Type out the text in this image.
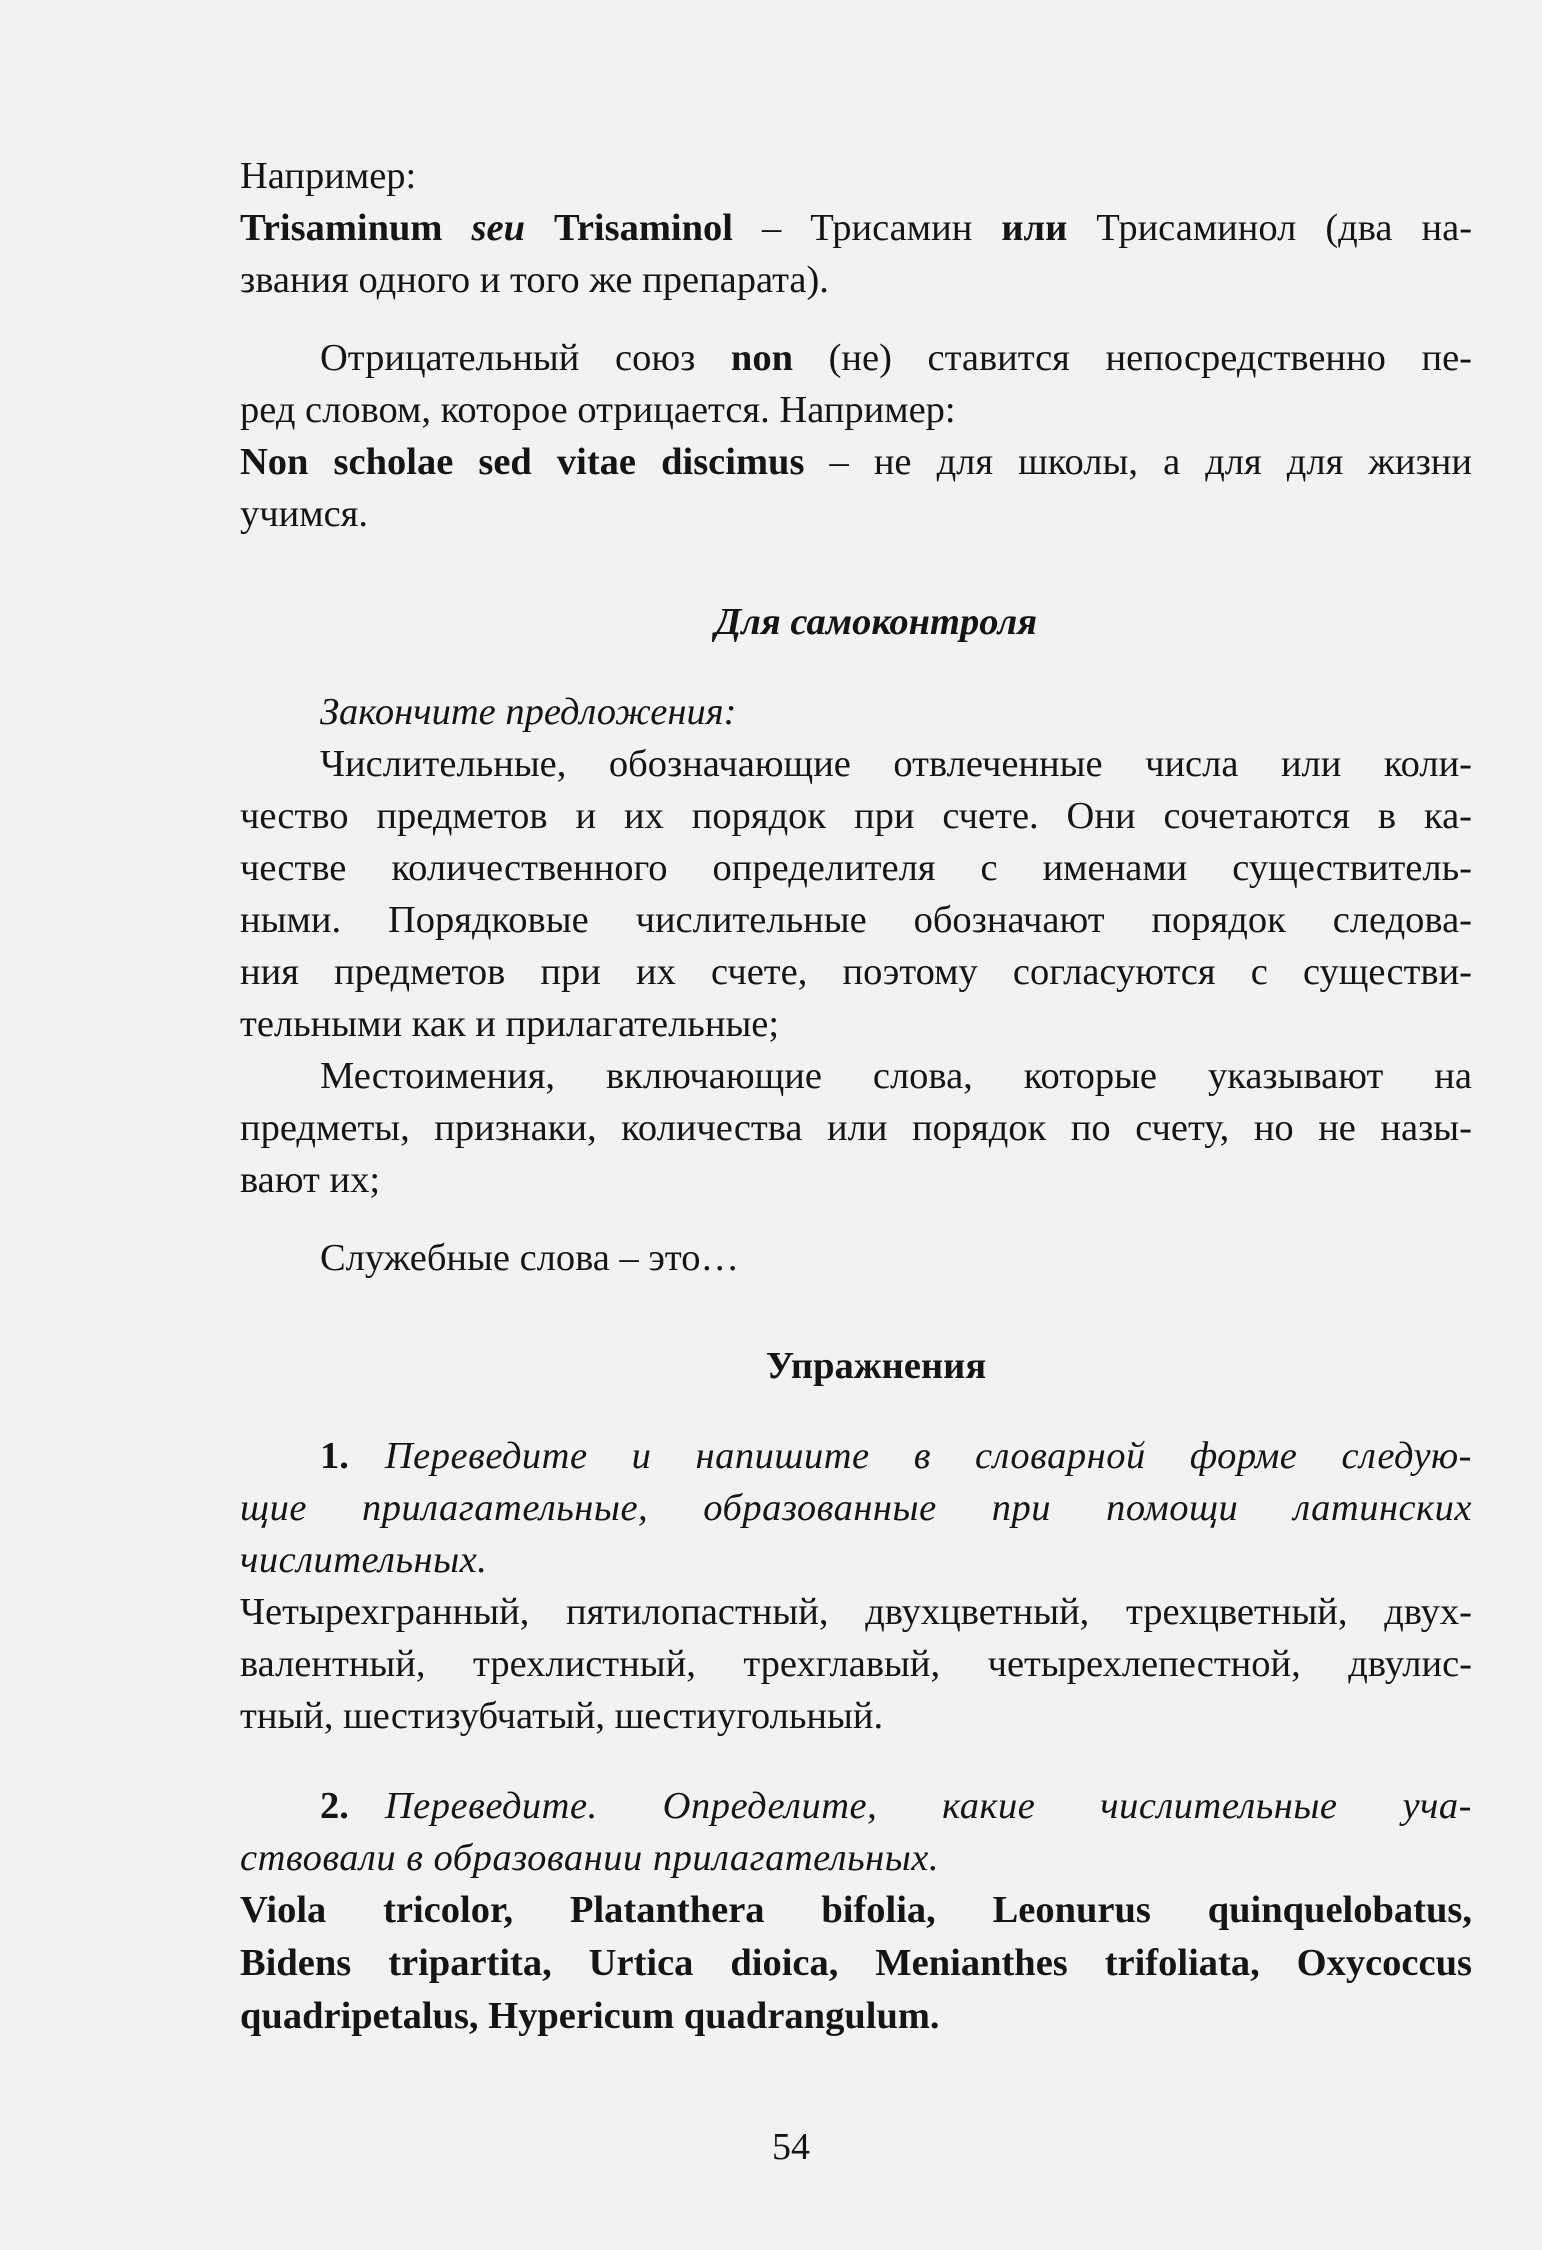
Например:

Trisaminum seu Trisaminol – Трисамин или Трисаминол (два на-

звания одного и того же препарата).

Отрицательный союз non (не) ставится непосредственно пе-

ред словом, которое отрицается. Например:

Non scholae sed vitae discimus – не для школы, а для для жизни

учимся.

Для самоконтроля

Закончите предложения:

Числительные, обозначающие отвлеченные числа или коли-

чество предметов и их порядок при счете. Они сочетаются в ка-

честве количественного определителя с именами существитель-

ными. Порядковые числительные обозначают порядок следова-

ния предметов при их счете, поэтому согласуются с существи-

тельными как и прилагательные;

Местоимения, включающие слова, которые указывают на

предметы, признаки, количества или порядок по счету, но не назы-

вают их;

Служебные слова – это…

Упражнения

1. Переведите и напишите в словарной форме следую-

щие прилагательные, образованные при помощи латинских

числительных.

Четырехгранный, пятилопастный, двухцветный, трехцветный, двух-

валентный, трехлистный, трехглавый, четырехлепестной, двулис-

тный, шестизубчатый, шестиугольный.

2. Переведите. Определите, какие числительные уча-

ствовали в образовании прилагательных.

Viola tricolor, Platanthera bifolia, Leonurus quinquelobatus,

Bidens tripartita, Urtica dioica, Menianthes trifoliata, Oxycoccus

quadripetalus, Hypericum quadrangulum.

54
